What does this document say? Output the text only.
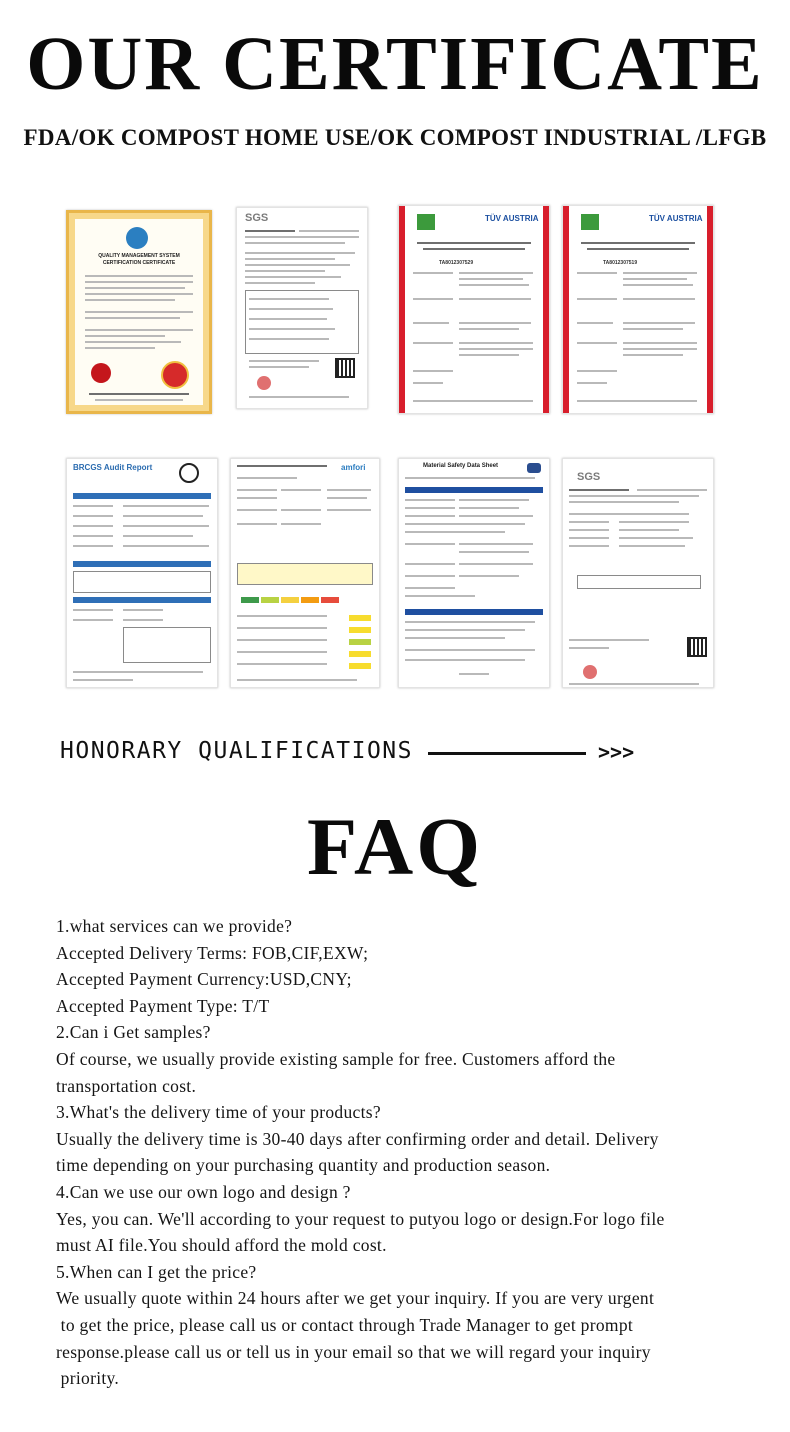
OUR CERTIFICATE
FDA/OK COMPOST HOME USE/OK COMPOST INDUSTRIAL /LFGB
QUALITY MANAGEMENT SYSTEM CERTIFICATION CERTIFICATE
SGS	TÜV AUSTRIA
TA8012307529
TÜV AUSTRIA
TA8012307519
BRCGS Audit Report	amfori	Material Safety Data Sheet
SGS
HONORARY QUALIFICATIONS	>>>
FAQ

1.what services can we provide?

Accepted Delivery Terms: FOB,CIF,EXW;

Accepted Payment Currency:USD,CNY;

Accepted Payment Type: T/T

2.Can i Get samples?

Of course, we usually provide existing sample for free. Customers afford the

transportation cost.

3.What's the delivery time of your products?

Usually the delivery time is 30-40 days after confirming order and detail. Delivery

time depending on your purchasing quantity and production season.

4.Can we use our own logo and design ?

Yes, you can. We'll according to your request to putyou logo or design.For logo file

must AI file.You should afford the mold cost.

5.When can I get the price?

We usually quote within 24 hours after we get your inquiry. If you are very urgent

to get the price, please call us or contact through Trade Manager to get prompt

response.please call us or tell us in your email so that we will regard your inquiry

priority.
